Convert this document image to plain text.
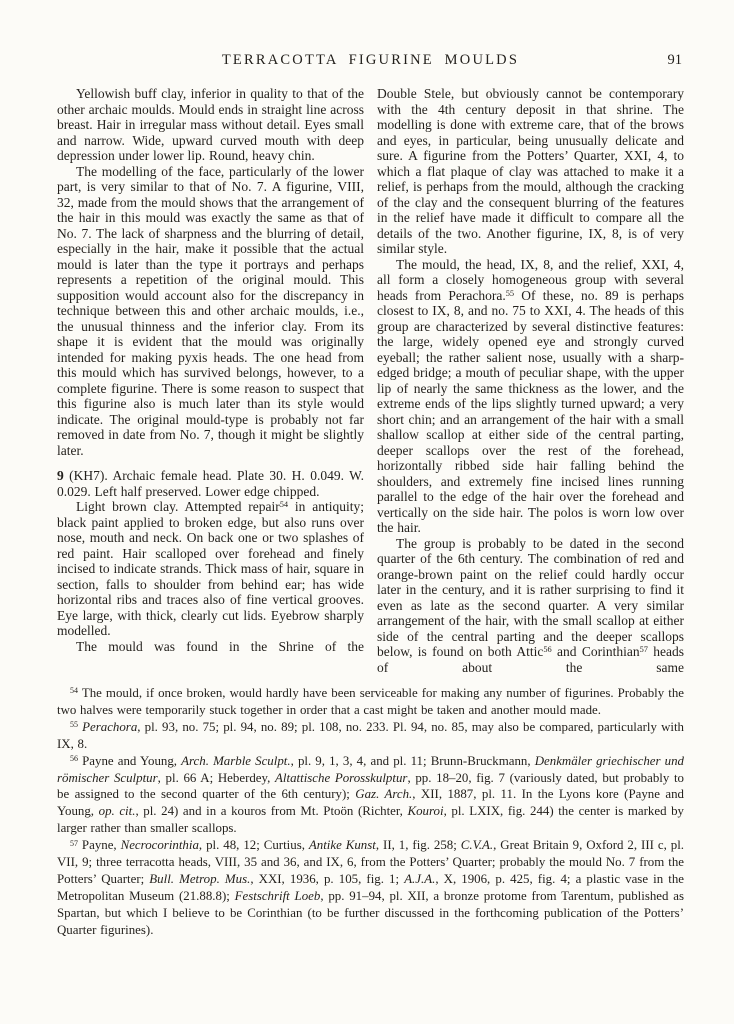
TERRACOTTA FIGURINE MOULDS	91

Yellowish buff clay, inferior in quality to that of the other archaic moulds. Mould ends in straight line across breast. Hair in irregular mass without detail. Eyes small and narrow. Wide, upward curved mouth with deep depression under lower lip. Round, heavy chin.

The modelling of the face, particularly of the lower part, is very similar to that of No. 7. A figurine, VIII, 32, made from the mould shows that the arrangement of the hair in this mould was exactly the same as that of No. 7. The lack of sharpness and the blurring of detail, especially in the hair, make it possible that the actual mould is later than the type it portrays and perhaps represents a repetition of the original mould. This supposition would account also for the discrepancy in technique between this and other archaic moulds, i.e., the unusual thinness and the inferior clay. From its shape it is evident that the mould was originally intended for making pyxis heads. The one head from this mould which has survived belongs, however, to a complete figurine. There is some reason to suspect that this figurine also is much later than its style would indicate. The original mould-type is probably not far removed in date from No. 7, though it might be slightly later.

9 (KH7). Archaic female head. Plate 30. H. 0.049. W. 0.029. Left half preserved. Lower edge chipped.

Light brown clay. Attempted repair$^{54}$ in antiquity; black paint applied to broken edge, but also runs over nose, mouth and neck. On back one or two splashes of red paint. Hair scalloped over forehead and finely incised to indicate strands. Thick mass of hair, square in section, falls to shoulder from behind ear; has wide horizontal ribs and traces also of fine vertical grooves. Eye large, with thick, clearly cut lids. Eyebrow sharply modelled.

The mould was found in the Shrine of the

Double Stele, but obviously cannot be contemporary with the 4th century deposit in that shrine. The modelling is done with extreme care, that of the brows and eyes, in particular, being unusually delicate and sure. A figurine from the Potters’ Quarter, XXI, 4, to which a flat plaque of clay was attached to make it a relief, is perhaps from the mould, although the cracking of the clay and the consequent blurring of the features in the relief have made it difficult to compare all the details of the two. Another figurine, IX, 8, is of very similar style.

The mould, the head, IX, 8, and the relief, XXI, 4, all form a closely homogeneous group with several heads from Perachora.$^{55}$ Of these, no. 89 is perhaps closest to IX, 8, and no. 75 to XXI, 4. The heads of this group are characterized by several distinctive features: the large, widely opened eye and strongly curved eyeball; the rather salient nose, usually with a sharp-edged bridge; a mouth of peculiar shape, with the upper lip of nearly the same thickness as the lower, and the extreme ends of the lips slightly turned upward; a very short chin; and an arrangement of the hair with a small shallow scallop at either side of the central parting, deeper scallops over the rest of the forehead, horizontally ribbed side hair falling behind the shoulders, and extremely fine incised lines running parallel to the edge of the hair over the forehead and vertically on the side hair. The polos is worn low over the hair.

The group is probably to be dated in the second quarter of the 6th century. The combination of red and orange-brown paint on the relief could hardly occur later in the century, and it is rather surprising to find it even as late as the second quarter. A very similar arrangement of the hair, with the small scallop at either side of the central parting and the deeper scallops below, is found on both Attic$^{56}$ and Corinthian$^{57}$ heads of about the same

$^{54}$ The mould, if once broken, would hardly have been serviceable for making any number of figurines. Probably the two halves were temporarily stuck together in order that a cast might be taken and another mould made.

$^{55}$ Perachora, pl. 93, no. 75; pl. 94, no. 89; pl. 108, no. 233. Pl. 94, no. 85, may also be compared, particularly with IX, 8.

$^{56}$ Payne and Young, Arch. Marble Sculpt., pl. 9, 1, 3, 4, and pl. 11; Brunn-Bruckmann, Denkmäler griechischer und römischer Sculptur, pl. 66 A; Heberdey, Altattische Porosskulptur, pp. 18–20, fig. 7 (variously dated, but probably to be assigned to the second quarter of the 6th century); Gaz. Arch., XII, 1887, pl. 11. In the Lyons kore (Payne and Young, op. cit., pl. 24) and in a kouros from Mt. Ptoön (Richter, Kouroi, pl. LXIX, fig. 244) the center is marked by larger rather than smaller scallops.

$^{57}$ Payne, Necrocorinthia, pl. 48, 12; Curtius, Antike Kunst, II, 1, fig. 258; C.V.A., Great Britain 9, Oxford 2, III c, pl. VII, 9; three terracotta heads, VIII, 35 and 36, and IX, 6, from the Potters’ Quarter; probably the mould No. 7 from the Potters’ Quarter; Bull. Metrop. Mus., XXI, 1936, p. 105, fig. 1; A.J.A., X, 1906, p. 425, fig. 4; a plastic vase in the Metropolitan Museum (21.88.8); Festschrift Loeb, pp. 91–94, pl. XII, a bronze protome from Tarentum, published as Spartan, but which I believe to be Corinthian (to be further discussed in the forthcoming publication of the Potters’ Quarter figurines).
